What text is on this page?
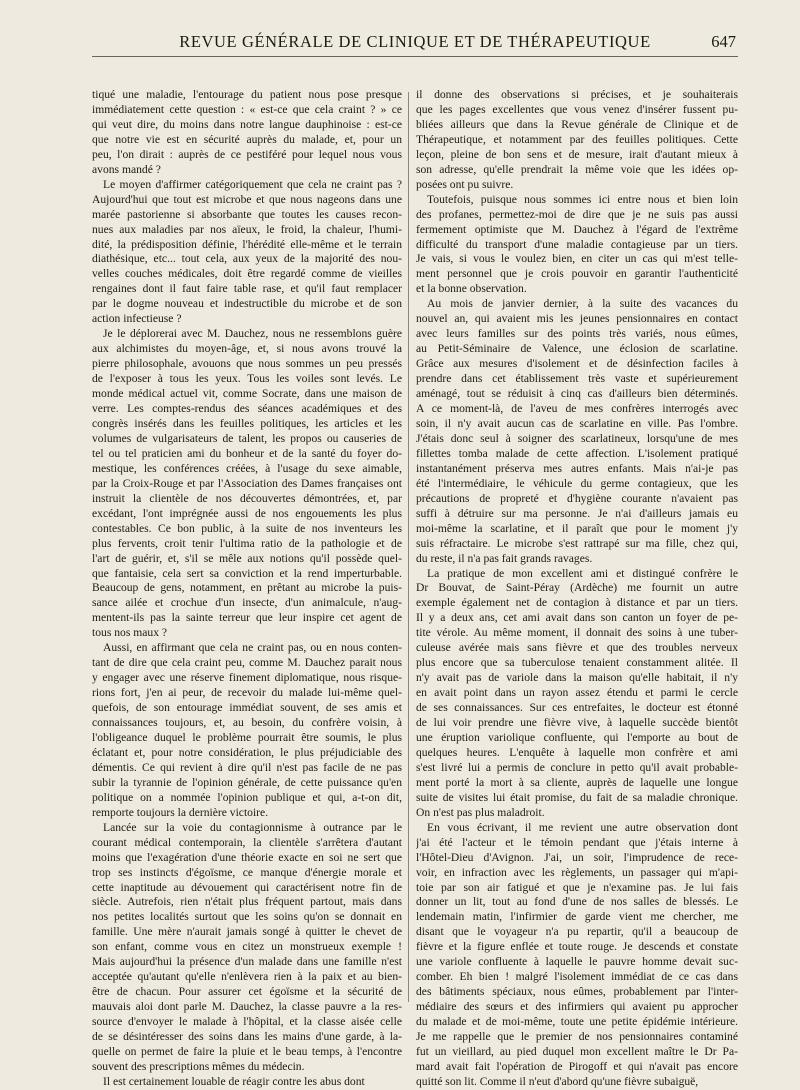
REVUE GÉNÉRALE DE CLINIQUE ET DE THÉRAPEUTIQUE	647

tiqué une maladie, l'entourage du patient nous pose presque
immédiatement cette question : « est-ce que cela craint ? » ce
qui veut dire, du moins dans notre langue dauphinoise : est-ce
que notre vie est en sécurité auprès du malade, et, pour un
peu, l'on dirait : auprès de ce pestiféré pour lequel nous vous
avons mandé ?

Le moyen d'affirmer catégoriquement que cela ne craint pas ?
Aujourd'hui que tout est microbe et que nous nageons dans une
marée pastorienne si absorbante que toutes les causes recon-
nues aux maladies par nos aïeux, le froid, la chaleur, l'humi-
dité, la prédisposition définie, l'hérédité elle-même et le terrain
diathésique, etc... tout cela, aux yeux de la majorité des nou-
velles couches médicales, doit être regardé comme de vieilles
rengaines dont il faut faire table rase, et qu'il faut remplacer
par le dogme nouveau et indestructible du microbe et de son
action infectieuse ?

Je le déplorerai avec M. Dauchez, nous ne ressemblons guère
aux alchimistes du moyen-âge, et, si nous avons trouvé la
pierre philosophale, avouons que nous sommes un peu pressés
de l'exposer à tous les yeux. Tous les voiles sont levés. Le
monde médical actuel vit, comme Socrate, dans une maison de
verre. Les comptes-rendus des séances académiques et des
congrès insérés dans les feuilles politiques, les articles et les
volumes de vulgarisateurs de talent, les propos ou causeries de
tel ou tel praticien ami du bonheur et de la santé du foyer do-
mestique, les conférences créées, à l'usage du sexe aimable,
par la Croix-Rouge et par l'Association des Dames françaises ont
instruit la clientèle de nos découvertes démontrées, et, par
excédant, l'ont imprégnée aussi de nos engouements les plus
contestables. Ce bon public, à la suite de nos inventeurs les
plus fervents, croit tenir l'ultima ratio de la pathologie et de
l'art de guérir, et, s'il se mêle aux notions qu'il possède quel-
que fantaisie, cela sert sa conviction et la rend imperturbable.
Beaucoup de gens, notamment, en prêtant au microbe la puis-
sance ailée et crochue d'un insecte, d'un animalcule, n'aug-
mentent-ils pas la sainte terreur que leur inspire cet agent de
tous nos maux ?

Aussi, en affirmant que cela ne craint pas, ou en nous conten-
tant de dire que cela craint peu, comme M. Dauchez parait nous
y engager avec une réserve finement diplomatique, nous risque-
rions fort, j'en ai peur, de recevoir du malade lui-même quel-
quefois, de son entourage immédiat souvent, de ses amis et
connaissances toujours, et, au besoin, du confrère voisin, à
l'obligeance duquel le problème pourrait être soumis, le plus
éclatant et, pour notre considération, le plus préjudiciable des
démentis. Ce qui revient à dire qu'il n'est pas facile de ne pas
subir la tyrannie de l'opinion générale, de cette puissance qu'en
politique on a nommée l'opinion publique et qui, a-t-on dit,
remporte toujours la dernière victoire.

Lancée sur la voie du contagionnisme à outrance par le
courant médical contemporain, la clientèle s'arrêtera d'autant
moins que l'exagération d'une théorie exacte en soi ne sert que
trop ses instincts d'égoïsme, ce manque d'énergie morale et
cette inaptitude au dévouement qui caractérisent notre fin de
siècle. Autrefois, rien n'était plus fréquent partout, mais dans
nos petites localités surtout que les soins qu'on se donnait en
famille. Une mère n'aurait jamais songé à quitter le chevet de
son enfant, comme vous en citez un monstrueux exemple !
Mais aujourd'hui la présence d'un malade dans une famille n'est
acceptée qu'autant qu'elle n'enlèvera rien à la paix et au bien-
être de chacun. Pour assurer cet égoïsme et la sécurité de
mauvais aloi dont parle M. Dauchez, la classe pauvre a la res-
source d'envoyer le malade à l'hôpital, et la classe aisée celle
de se désintéresser des soins dans les mains d'une garde, à la-
quelle on permet de faire la pluie et le beau temps, à l'encontre
souvent des prescriptions mêmes du médecin.

Il est certainement louable de réagir contre les abus dont

il donne des observations si précises, et je souhaiterais
que les pages excellentes que vous venez d'insérer fussent pu-
bliées ailleurs que dans la Revue générale de Clinique et de
Thérapeutique, et notamment par des feuilles politiques. Cette
leçon, pleine de bon sens et de mesure, irait d'autant mieux à
son adresse, qu'elle prendrait la même voie que les idées op-
posées ont pu suivre.

Toutefois, puisque nous sommes ici entre nous et bien loin
des profanes, permettez-moi de dire que je ne suis pas aussi
fermement optimiste que M. Dauchez à l'égard de l'extrême
difficulté du transport d'une maladie contagieuse par un tiers.
Je vais, si vous le voulez bien, en citer un cas qui m'est telle-
ment personnel que je crois pouvoir en garantir l'authenticité
et la bonne observation.

Au mois de janvier dernier, à la suite des vacances du
nouvel an, qui avaient mis les jeunes pensionnaires en contact
avec leurs familles sur des points très variés, nous eûmes,
au Petit-Séminaire de Valence, une éclosion de scarlatine.
Grâce aux mesures d'isolement et de désinfection faciles à
prendre dans cet établissement très vaste et supérieurement
aménagé, tout se réduisit à cinq cas d'ailleurs bien déterminés.
A ce moment-là, de l'aveu de mes confrères interrogés avec
soin, il n'y avait aucun cas de scarlatine en ville. Pas l'ombre.
J'étais donc seul à soigner des scarlatineux, lorsqu'une de mes
fillettes tomba malade de cette affection. L'isolement pratiqué
instantanément préserva mes autres enfants. Mais n'ai-je pas
été l'intermédiaire, le véhicule du germe contagieux, que les
précautions de propreté et d'hygiène courante n'avaient pas
suffi à détruire sur ma personne. Je n'ai d'ailleurs jamais eu
moi-même la scarlatine, et il paraît que pour le moment j'y
suis réfractaire. Le microbe s'est rattrapé sur ma fille, chez qui,
du reste, il n'a pas fait grands ravages.

La pratique de mon excellent ami et distingué confrère le
Dr Bouvat, de Saint-Péray (Ardèche) me fournit un autre
exemple également net de contagion à distance et par un tiers.
Il y a deux ans, cet ami avait dans son canton un foyer de pe-
tite vérole. Au même moment, il donnait des soins à une tuber-
culeuse avérée mais sans fièvre et que des troubles nerveux
plus encore que sa tuberculose tenaient constamment alitée. Il
n'y avait pas de variole dans la maison qu'elle habitait, il n'y
en avait point dans un rayon assez étendu et parmi le cercle
de ses connaissances. Sur ces entrefaites, le docteur est étonné
de lui voir prendre une fièvre vive, à laquelle succède bientôt
une éruption variolique confluente, qui l'emporte au bout de
quelques heures. L'enquête à laquelle mon confrère et ami
s'est livré lui a permis de conclure in petto qu'il avait probable-
ment porté la mort à sa cliente, auprès de laquelle une longue
suite de visites lui était promise, du fait de sa maladie chronique.
On n'est pas plus maladroit.

En vous écrivant, il me revient une autre observation dont
j'ai été l'acteur et le témoin pendant que j'étais interne à
l'Hôtel-Dieu d'Avignon. J'ai, un soir, l'imprudence de rece-
voir, en infraction avec les règlements, un passager qui m'api-
toie par son air fatigué et que je n'examine pas. Je lui fais
donner un lit, tout au fond d'une de nos salles de blessés. Le
lendemain matin, l'infirmier de garde vient me chercher, me
disant que le voyageur n'a pu repartir, qu'il a beaucoup de
fièvre et la figure enflée et toute rouge. Je descends et constate
une variole confluente à laquelle le pauvre homme devait suc-
comber. Eh bien ! malgré l'isolement immédiat de ce cas dans
des bâtiments spéciaux, nous eûmes, probablement par l'inter-
médiaire des sœurs et des infirmiers qui avaient pu approcher
du malade et de moi-même, toute une petite épidémie intérieure.
Je me rappelle que le premier de nos pensionnaires contaminé
fut un vieillard, au pied duquel mon excellent maître le Dr Pa-
mard avait fait l'opération de Pirogoff et qui n'avait pas encore
quitté son lit. Comme il n'eut d'abord qu'une fièvre subaiguë,
